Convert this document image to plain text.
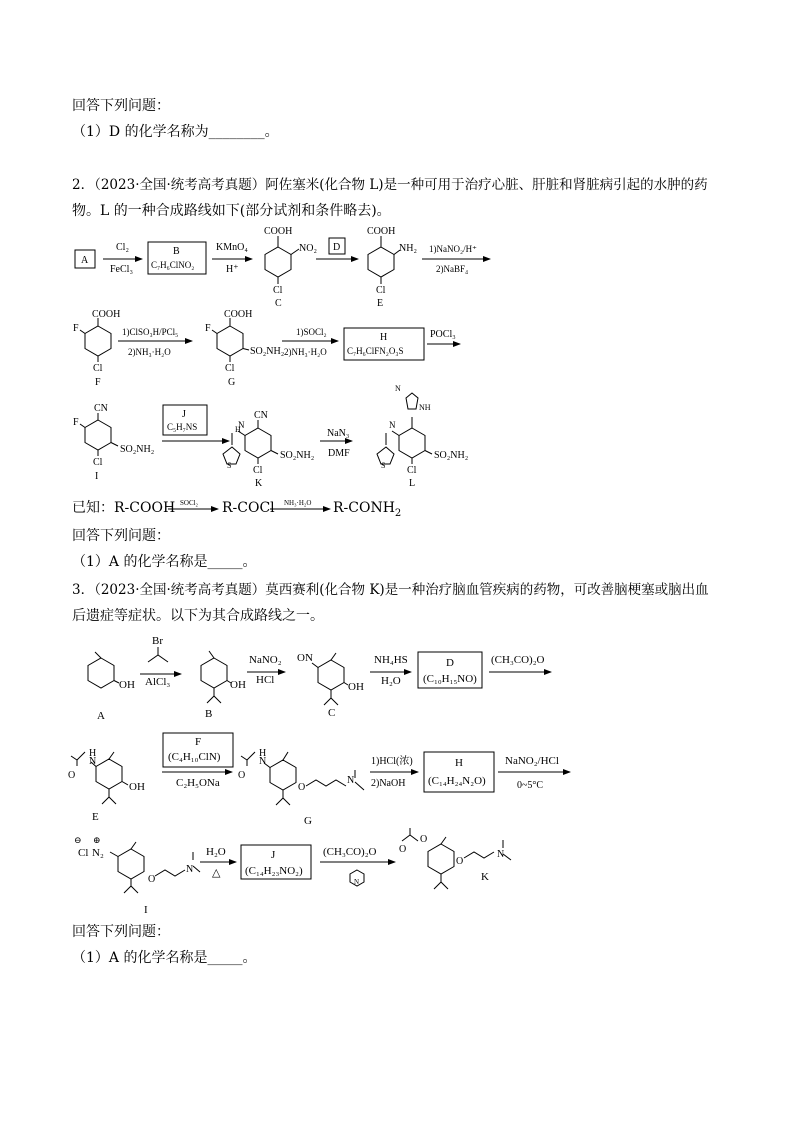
回答下列问题：
（1）D 的化学名称为________。
2．（2023·全国·统考高考真题）阿佐塞米(化合物 L)是一种可用于治疗心脏、肝脏和肾脏病引起的水肿的药
物。L 的一种合成路线如下(部分试剂和条件略去)。
已知：R-COOH	R-COCl	$R-CONH_2$
回答下列问题：
（1）A 的化学名称是_____。
3．（2023·全国·统考高考真题）莫西赛利(化合物 K)是一种治疗脑血管疾病的药物，可改善脑梗塞或脑出血
后遗症等症状。以下为其合成路线之一。
回答下列问题：
（1）A 的化学名称是_____。
A
Cl₂
FeCl₃
B
C₇H₆ClNO₂
KMnO₄
H⁺
COOH
NO₂
Cl
C
D
COOH
NH₂
Cl
E
1)NaNO₂/H⁺
2)NaBF₄
COOH
F
Cl
F
1)ClSO₃H/PCl₅
2)NH₃·H₂O
COOH
F
Cl
SO₂NH₂
G
1)SOCl₂
2)NH₃·H₂O
H
C₇H₆ClFN₂O₃S
POCl₃
CN
F
Cl
SO₂NH₂
I
J
C₅H₇NS
CN
H
N
S Cl
SO₂NH₂
K
NaN₃
DMF
N
NH
N
S Cl
SO₂NH₂
L
SOCl₂	NH₃·H₂O
OH
A
Br
AlCl₃	OH
B
NaNO₂
HCl
ON
OH
C
NH₄HS
H₂O
D
(C₁₀H₁₅NO)
(CH₃CO)₂O
H
N
O
OH
E
F
(C₄H₁₀ClN)
C₂H₅ONa
H
N
O
O
N
G
1)HCl(浓)
2)NaOH
H
(C₁₄H₂₄N₂O)
NaNO₂/HCl
0~5°C
⊖ ⊕
Cl N₂
O
N
I
H₂O
△
J
(C₁₄H₂₃NO₂)
(CH₃CO)₂O
N
O
O
O
N
K
